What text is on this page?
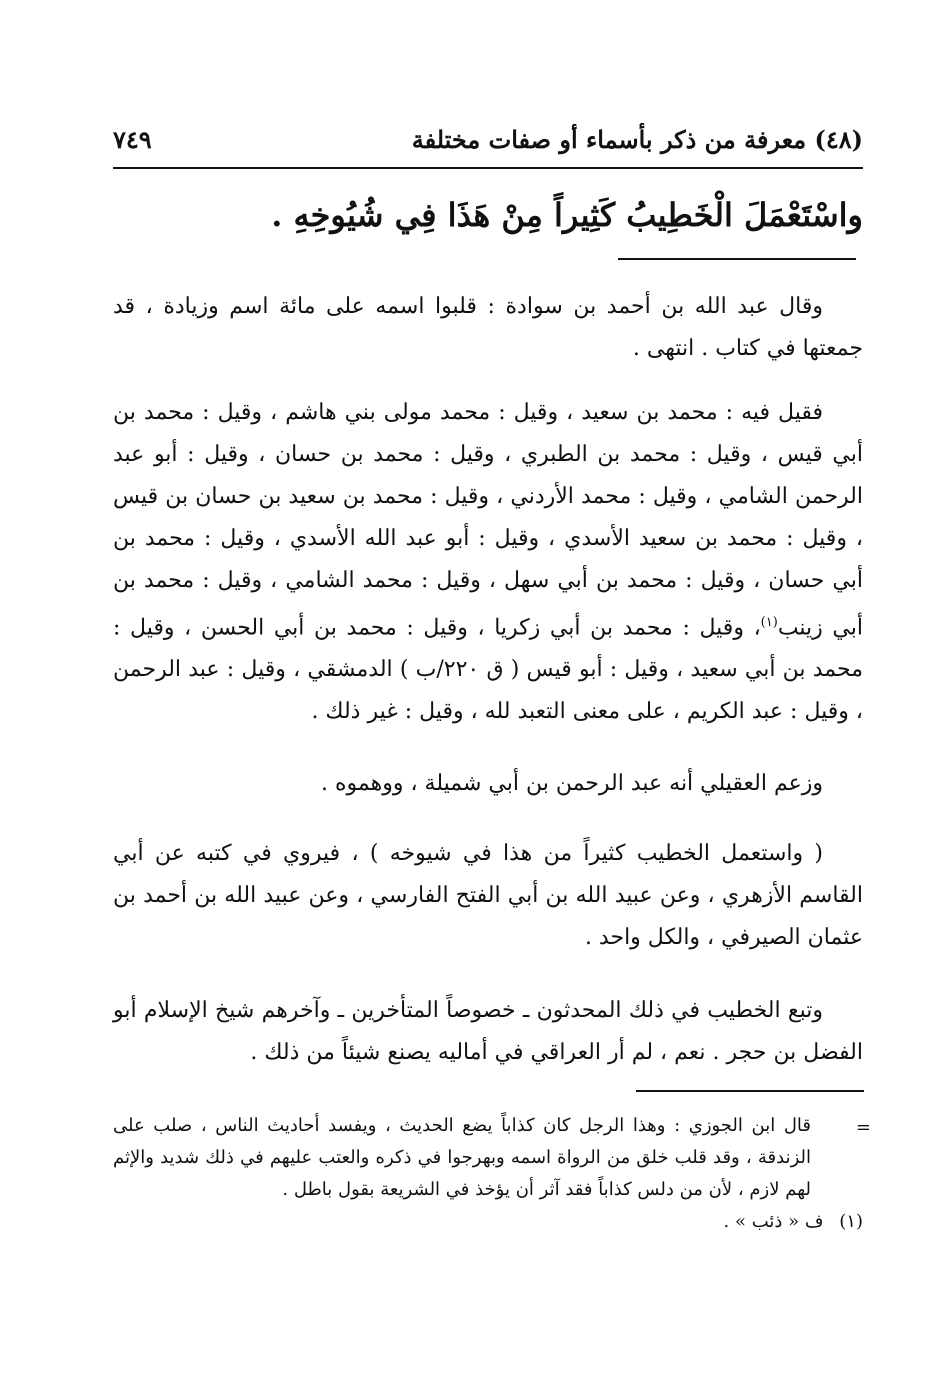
(٤٨) معرفة من ذكر بأسماء أو صفات مختلفة
٧٤٩
واسْتَعْمَلَ الْخَطِيبُ كَثِيراً مِنْ هَذَا فِي شُيُوخِهِ .
وقال عبد الله بن أحمد بن سوادة : قلبوا اسمه على مائة اسم وزيادة ، قد جمعتها في كتاب . انتهى .
فقيل فيه : محمد بن سعيد ، وقيل : محمد مولى بني هاشم ، وقيل : محمد بن أبي قيس ، وقيل : محمد بن الطبري ، وقيل : محمد بن حسان ، وقيل : أبو عبد الرحمن الشامي ، وقيل : محمد الأردني ، وقيل : محمد بن سعيد بن حسان بن قيس ، وقيل : محمد بن سعيد الأسدي ، وقيل : أبو عبد الله الأسدي ، وقيل : محمد بن أبي حسان ، وقيل : محمد بن أبي سهل ، وقيل : محمد الشامي ، وقيل : محمد بن أبي زينب$^{(١)}$، وقيل : محمد بن أبي زكريا ، وقيل : محمد بن أبي الحسن ، وقيل : محمد بن أبي سعيد ، وقيل : أبو قيس ( ق ٢٢٠/ب ) الدمشقي ، وقيل : عبد الرحمن ، وقيل : عبد الكريم ، على معنى التعبد لله ، وقيل : غير ذلك .
وزعم العقيلي أنه عبد الرحمن بن أبي شميلة ، ووهموه .
( واستعمل الخطيب كثيراً من هذا في شيوخه ) ، فيروي في كتبه عن أبي القاسم الأزهري ، وعن عبيد الله بن أبي الفتح الفارسي ، وعن عبيد الله بن أحمد بن عثمان الصيرفي ، والكل واحد .
وتبع الخطيب في ذلك المحدثون ـ خصوصاً المتأخرين ـ وآخرهم شيخ الإسلام أبو الفضل بن حجر . نعم ، لم أر العراقي في أماليه يصنع شيئاً من ذلك .
=
قال ابن الجوزي : وهذا الرجل كان كذاباً يضع الحديث ، ويفسد أحاديث الناس ، صلب على الزندقة ، وقد قلب خلق من الرواة اسمه وبهرجوا في ذكره والعتب عليهم في ذلك شديد والإثم لهم لازم ، لأن من دلس كذاباً فقد آثر أن يؤخذ في الشريعة بقول باطل .
(١) ف « ذئب » .
